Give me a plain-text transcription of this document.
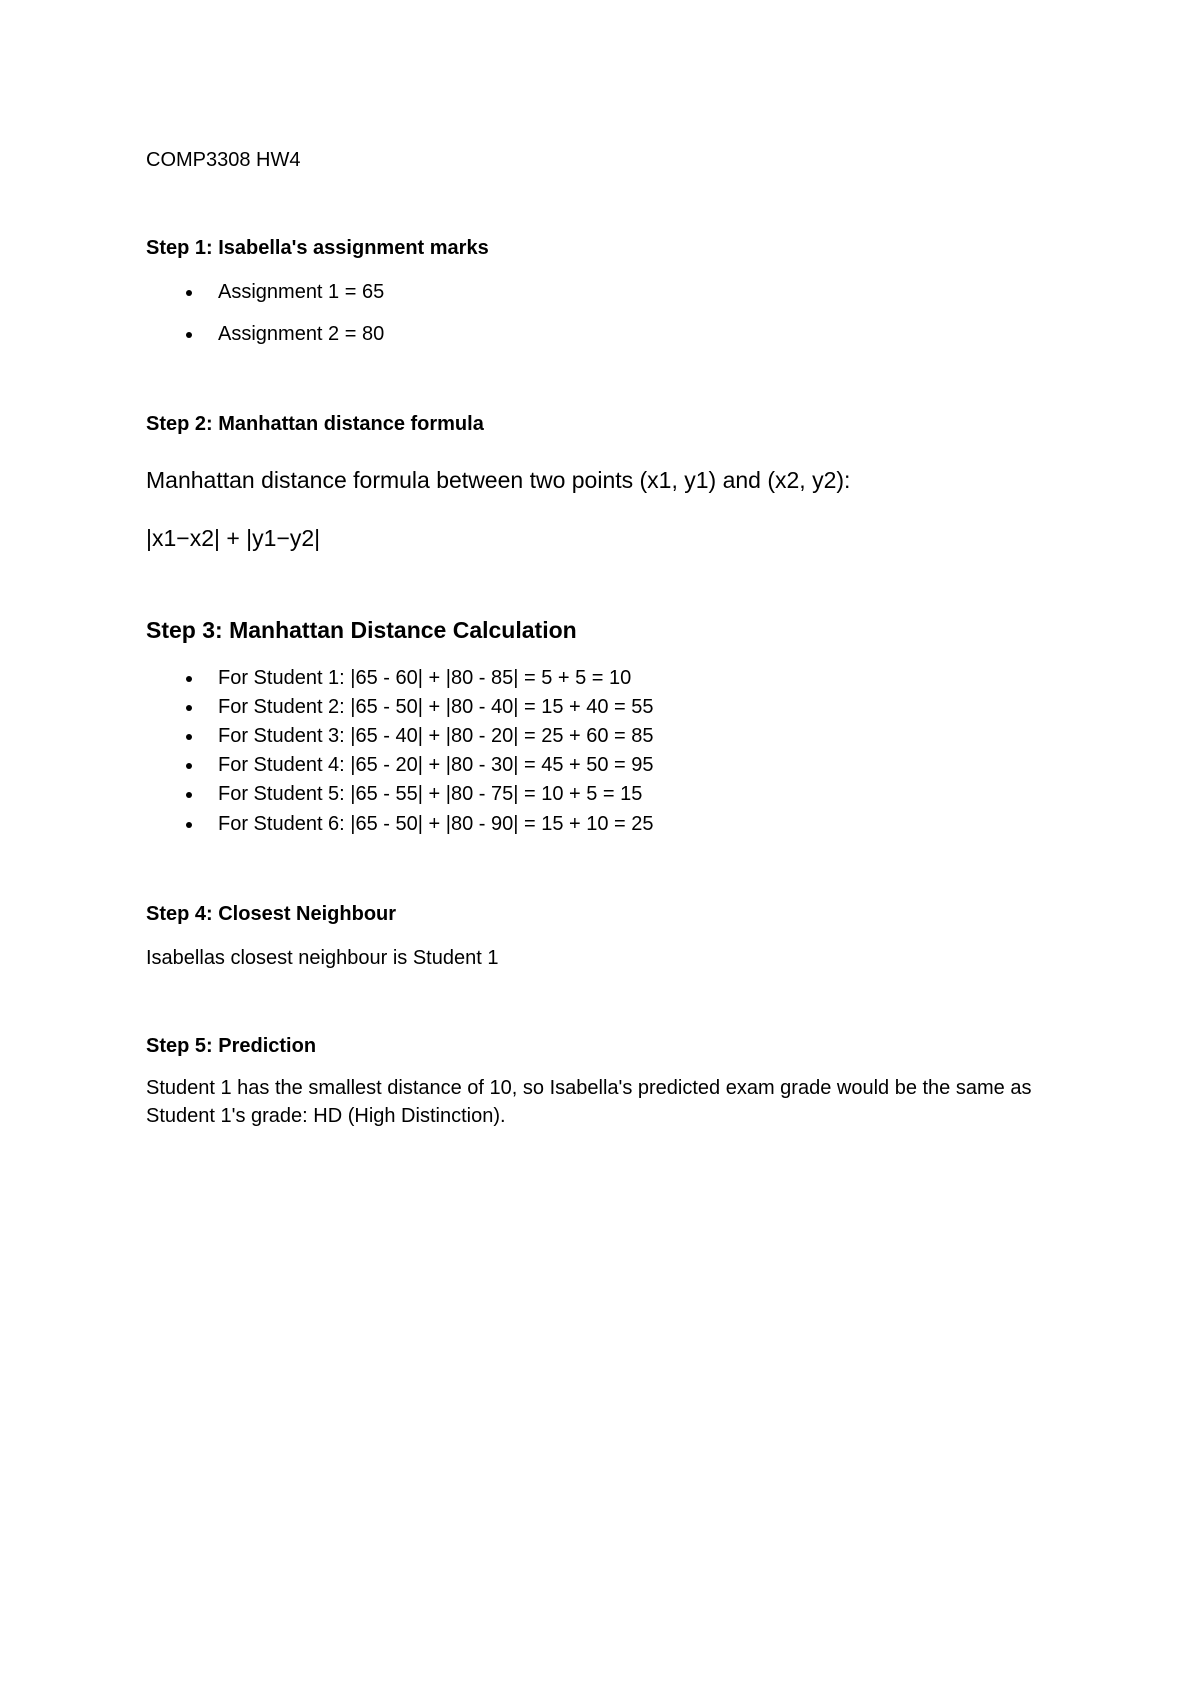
COMP3308 HW4
Step 1: Isabella's assignment marks
Assignment 1 = 65
Assignment 2 = 80
Step 2: Manhattan distance formula
Manhattan distance formula between two points (x1, y1) and (x2, y2):
|x1−x2| + |y1−y2|
Step 3: Manhattan Distance Calculation
For Student 1: |65 - 60| + |80 - 85| = 5 + 5 = 10
For Student 2: |65 - 50| + |80 - 40| = 15 + 40 = 55
For Student 3: |65 - 40| + |80 - 20| = 25 + 60 = 85
For Student 4: |65 - 20| + |80 - 30| = 45 + 50 = 95
For Student 5: |65 - 55| + |80 - 75| = 10 + 5 = 15
For Student 6: |65 - 50| + |80 - 90| = 15 + 10 = 25
Step 4: Closest Neighbour
Isabellas closest neighbour is Student 1
Step 5: Prediction
Student 1 has the smallest distance of 10, so Isabella's predicted exam grade would be the same as Student 1's grade: HD (High Distinction).
